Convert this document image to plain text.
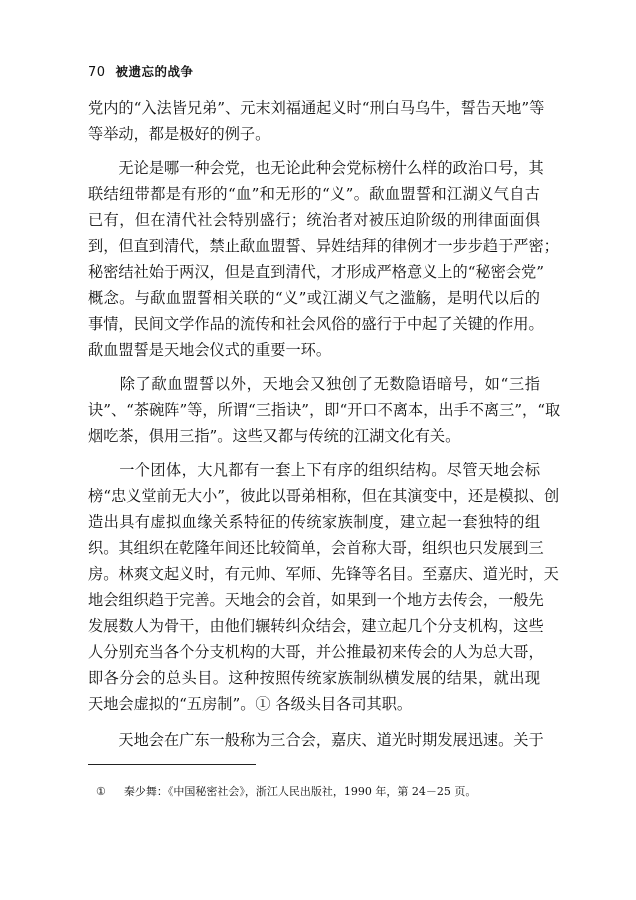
70 被遗忘的战争
党内的“入法皆兄弟”、元末刘福通起义时“刑白马乌牛，誓告天地”等
等举动，都是极好的例子。
　　无论是哪一种会党，也无论此种会党标榜什么样的政治口号，其
联结纽带都是有形的“血”和无形的“义”。歃血盟誓和江湖义气自古
已有，但在清代社会特别盛行；统治者对被压迫阶级的刑律面面俱
到，但直到清代，禁止歃血盟誓、异姓结拜的律例才一步步趋于严密；
秘密结社始于两汉，但是直到清代，才形成严格意义上的“秘密会党”
概念。与歃血盟誓相关联的“义”或江湖义气之滥觞，是明代以后的
事情，民间文学作品的流传和社会风俗的盛行于中起了关键的作用。
歃血盟誓是天地会仪式的重要一环。
　　除了歃血盟誓以外，天地会又独创了无数隐语暗号，如“三指
诀”、“茶碗阵”等，所谓“三指诀”，即“开口不离本，出手不离三”，“取
烟吃茶，俱用三指”。这些又都与传统的江湖文化有关。
　　一个团体，大凡都有一套上下有序的组织结构。尽管天地会标
榜“忠义堂前无大小”，彼此以哥弟相称，但在其演变中，还是模拟、创
造出具有虚拟血缘关系特征的传统家族制度，建立起一套独特的组
织。其组织在乾隆年间还比较简单，会首称大哥，组织也只发展到三
房。林爽文起义时，有元帅、军师、先锋等名目。至嘉庆、道光时，天
地会组织趋于完善。天地会的会首，如果到一个地方去传会，一般先
发展数人为骨干，由他们辗转纠众结会，建立起几个分支机构，这些
人分别充当各个分支机构的大哥，并公推最初来传会的人为总大哥，
即各分会的总头目。这种按照传统家族制纵横发展的结果，就出现
天地会虚拟的“五房制”。① 各级头目各司其职。
　　天地会在广东一般称为三合会，嘉庆、道光时期发展迅速。关于
① 秦少舞：《中国秘密社会》，浙江人民出版社，1990 年，第 24－25 页。
